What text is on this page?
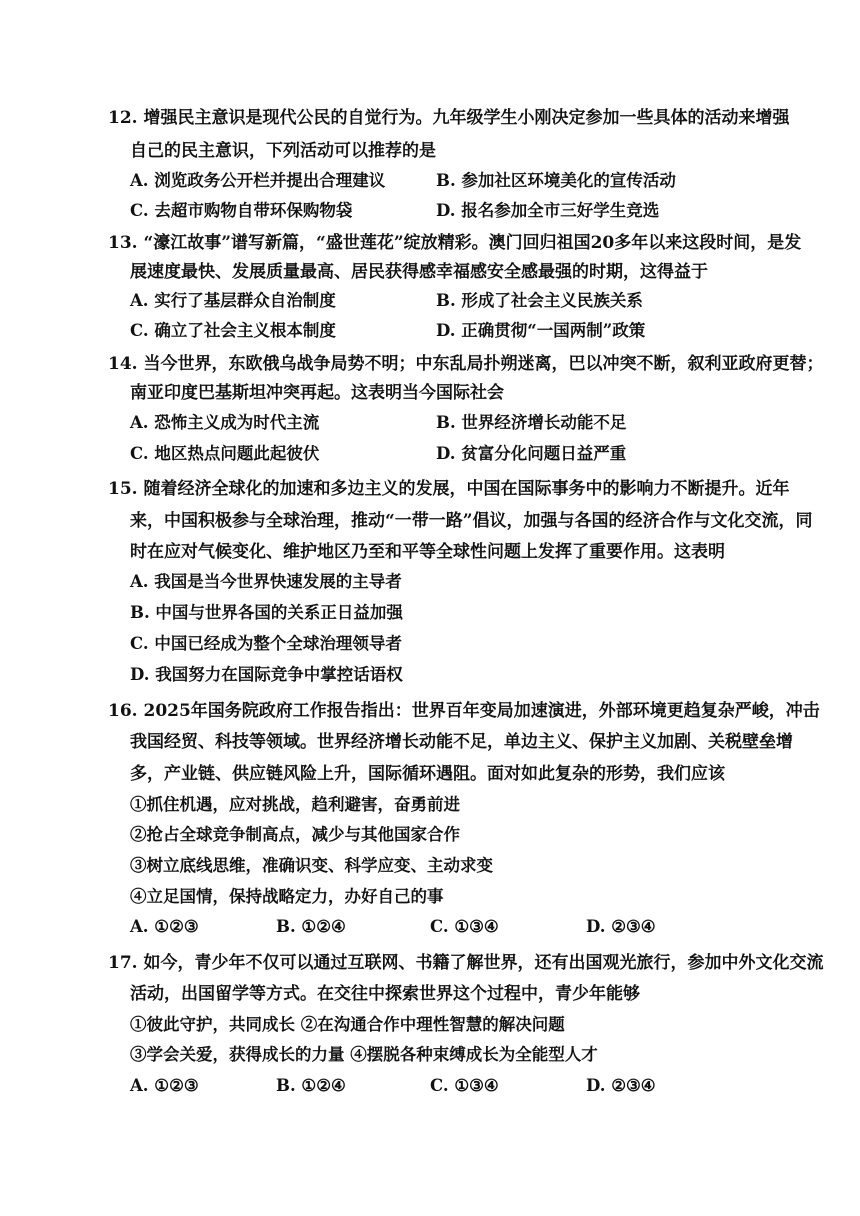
12. 增强民主意识是现代公民的自觉行为。九年级学生小刚决定参加一些具体的活动来增强
自己的民主意识，下列活动可以推荐的是
A. 浏览政务公开栏并提出合理建议	B. 参加社区环境美化的宣传活动
C. 去超市购物自带环保购物袋	D. 报名参加全市三好学生竞选
13. “濠江故事”谱写新篇，“盛世莲花”绽放精彩。澳门回归祖国20多年以来这段时间，是发
展速度最快、发展质量最高、居民获得感幸福感安全感最强的时期，这得益于
A. 实行了基层群众自治制度	B. 形成了社会主义民族关系
C. 确立了社会主义根本制度	D. 正确贯彻“一国两制”政策
14. 当今世界，东欧俄乌战争局势不明；中东乱局扑朔迷离，巴以冲突不断，叙利亚政府更替；
南亚印度巴基斯坦冲突再起。这表明当今国际社会
A. 恐怖主义成为时代主流	B. 世界经济增长动能不足
C. 地区热点问题此起彼伏	D. 贫富分化问题日益严重
15. 随着经济全球化的加速和多边主义的发展，中国在国际事务中的影响力不断提升。近年
来，中国积极参与全球治理，推动“一带一路”倡议，加强与各国的经济合作与文化交流，同
时在应对气候变化、维护地区乃至和平等全球性问题上发挥了重要作用。这表明
A. 我国是当今世界快速发展的主导者
B. 中国与世界各国的关系正日益加强
C. 中国已经成为整个全球治理领导者
D. 我国努力在国际竞争中掌控话语权
16. 2025年国务院政府工作报告指出：世界百年变局加速演进，外部环境更趋复杂严峻，冲击
我国经贸、科技等领域。世界经济增长动能不足，单边主义、保护主义加剧、关税壁垒增
多，产业链、供应链风险上升，国际循环遇阻。面对如此复杂的形势，我们应该
①抓住机遇，应对挑战，趋利避害，奋勇前进
②抢占全球竞争制高点，减少与其他国家合作
③树立底线思维，准确识变、科学应变、主动求变
④立足国情，保持战略定力，办好自己的事
A. ①②③	B. ①②④	C. ①③④	D. ②③④
17. 如今，青少年不仅可以通过互联网、书籍了解世界，还有出国观光旅行，参加中外文化交流
活动，出国留学等方式。在交往中探索世界这个过程中，青少年能够
①彼此守护，共同成长 ②在沟通合作中理性智慧的解决问题
③学会关爱，获得成长的力量 ④摆脱各种束缚成长为全能型人才
A. ①②③	B. ①②④	C. ①③④	D. ②③④
